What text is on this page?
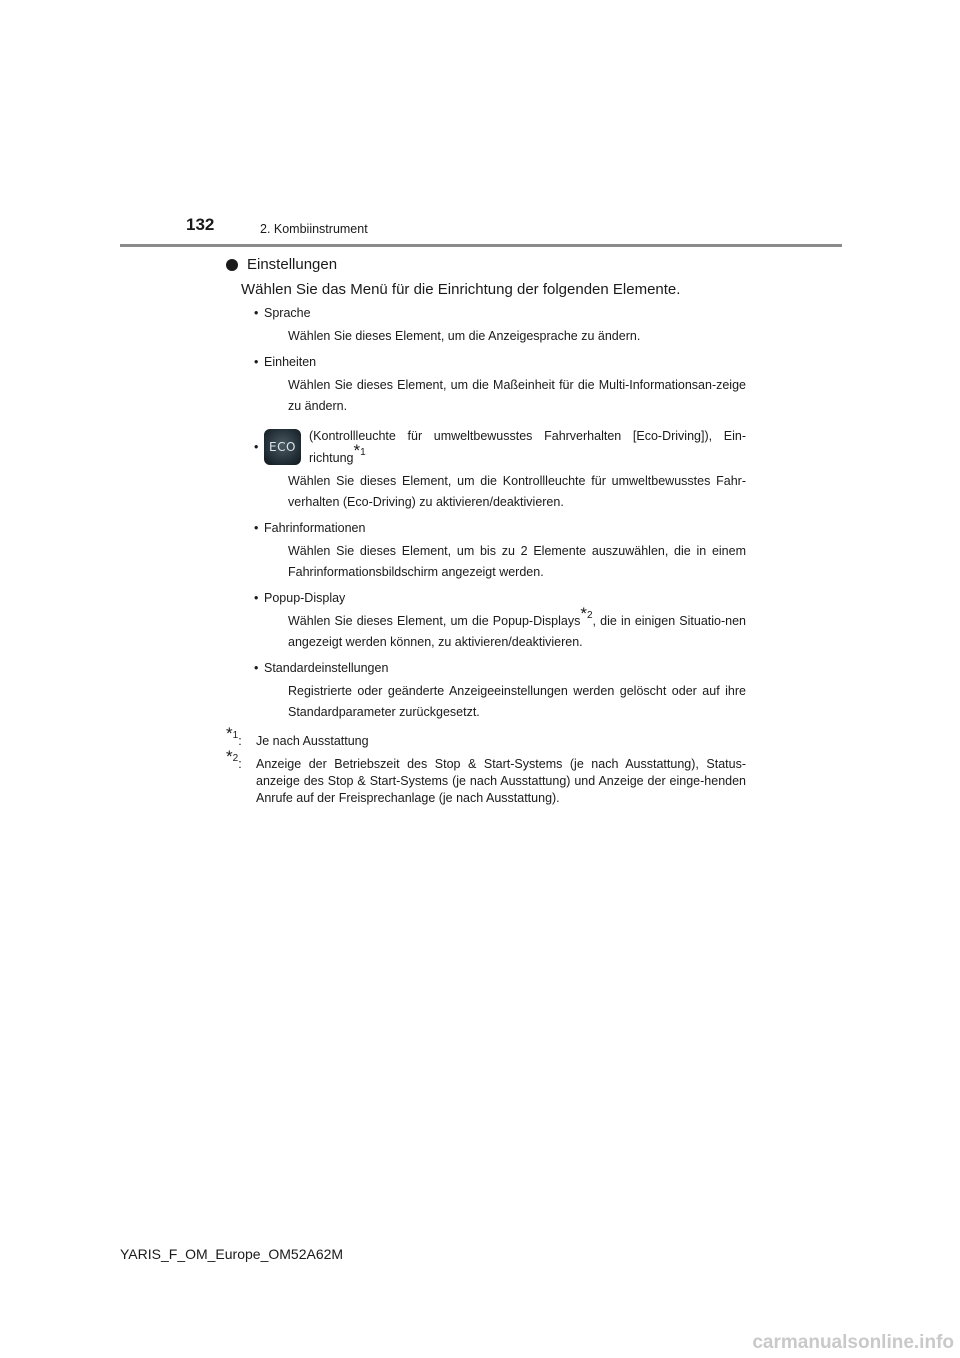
132	2. Kombiinstrument
Einstellungen
Wählen Sie das Menü für die Einrichtung der folgenden Elemente.
• Sprache
Wählen Sie dieses Element, um die Anzeigesprache zu ändern.
• Einheiten
Wählen Sie dieses Element, um die Maßeinheit für die Multi-Informationsan-zeige zu ändern.
• ECO
(Kontrollleuchte für umweltbewusstes Fahrverhalten [Eco-Driving]), Ein-richtung*$^1$
Wählen Sie dieses Element, um die Kontrollleuchte für umweltbewusstes Fahr-verhalten (Eco-Driving) zu aktivieren/deaktivieren.
• Fahrinformationen
Wählen Sie dieses Element, um bis zu 2 Elemente auszuwählen, die in einem Fahrinformationsbildschirm angezeigt werden.
• Popup-Display
Wählen Sie dieses Element, um die Popup-Displays*$^2$, die in einigen Situatio-nen angezeigt werden können, zu aktivieren/deaktivieren.
• Standardeinstellungen
Registrierte oder geänderte Anzeigeeinstellungen werden gelöscht oder auf ihre Standardparameter zurückgesetzt.
*$^1$:	Je nach Ausstattung
*$^2$:	Anzeige der Betriebszeit des Stop & Start-Systems (je nach Ausstattung), Status-anzeige des Stop & Start-Systems (je nach Ausstattung) und Anzeige der einge-henden Anrufe auf der Freisprechanlage (je nach Ausstattung).
YARIS_F_OM_Europe_OM52A62M
carmanualsonline.info
